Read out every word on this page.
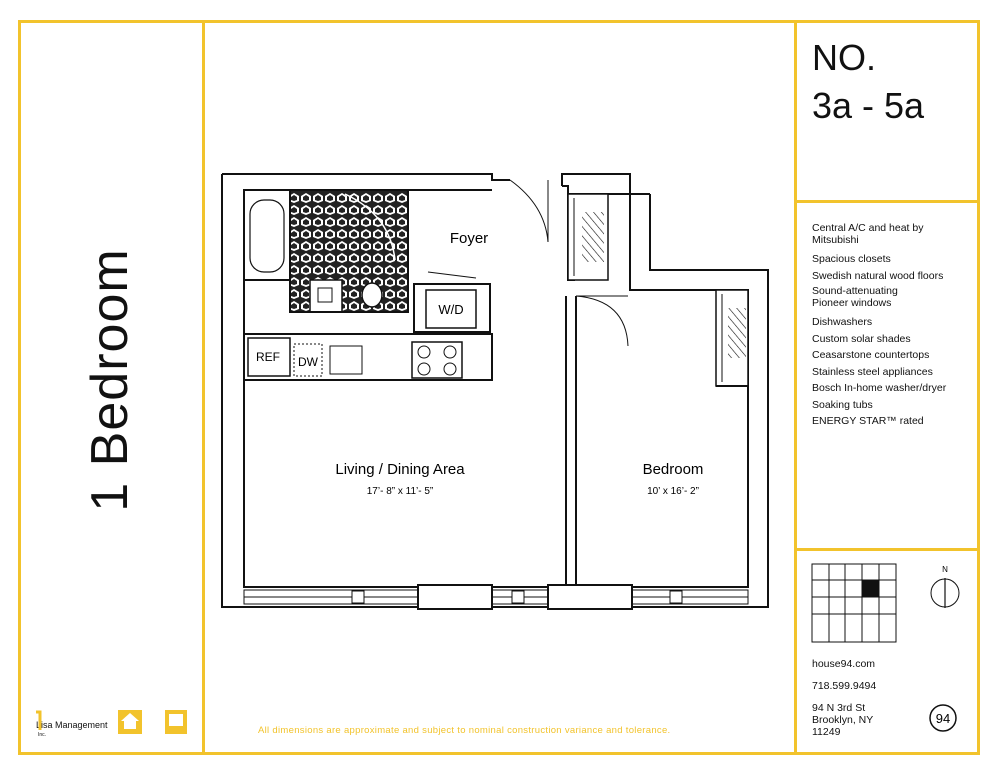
1 Bedroom
NO.
3a - 5a
Central A/C and heat by Mitsubishi
Spacious closets
Swedish natural wood floors
Sound-attenuating Pioneer windows
Dishwashers
Custom solar shades
Ceasarstone countertops
Stainless steel appliances
Bosch In-home washer/dryer
Soaking tubs
ENERGY STAR™ rated
W/D
REF DW
Foyer
Living / Dining Area
17’- 8” x 11’- 5”
Bedroom
10’ x 16’- 2”
N
94
Lisa Management
Inc.
house94.com
718.599.9494
94 N 3rd St
Brooklyn, NY
11249
All dimensions are approximate and subject to nominal construction variance and tolerance.
